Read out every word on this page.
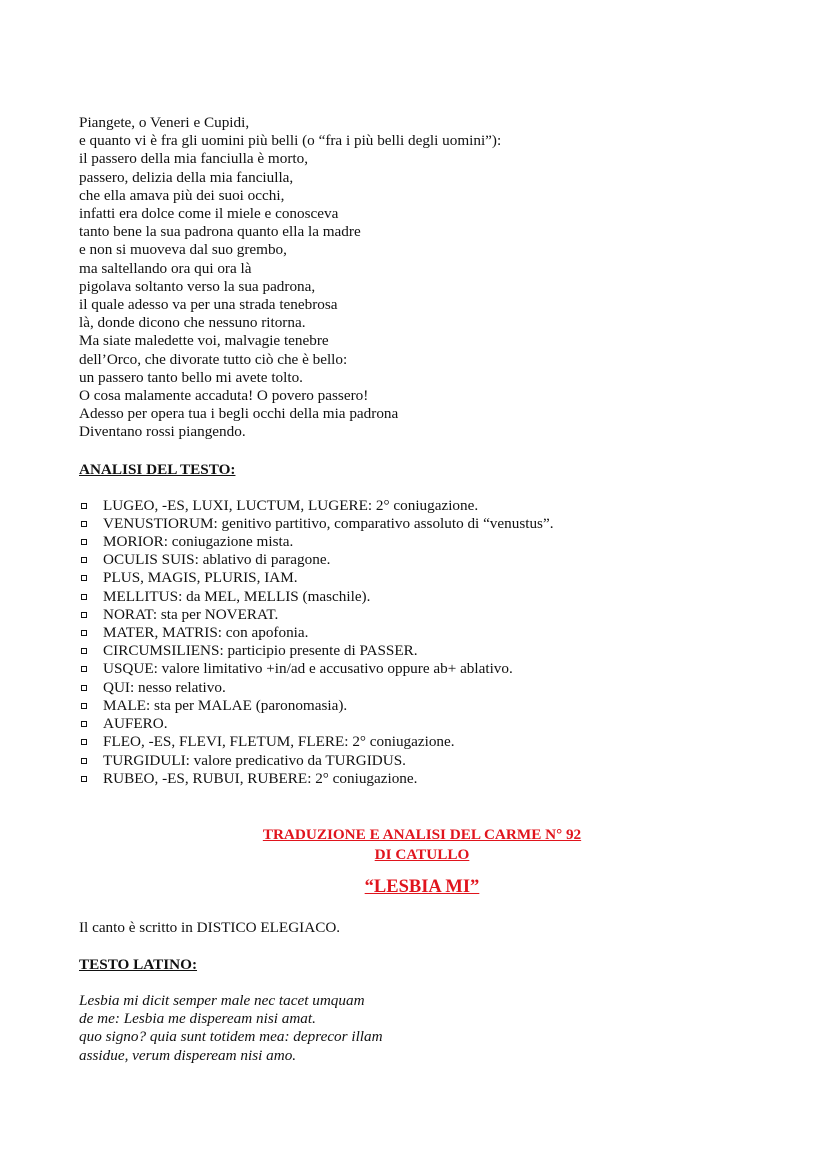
Piangete, o Veneri e Cupidi,
e quanto vi è fra gli uomini più belli (o “fra i più belli degli uomini”):
il passero della mia fanciulla è morto,
passero, delizia della mia fanciulla,
che ella amava più dei suoi occhi,
infatti era dolce come il miele e conosceva
tanto bene la sua padrona quanto ella la madre
e non si muoveva dal suo grembo,
ma saltellando ora qui ora là
pigolava soltanto verso la sua padrona,
il quale adesso va per una strada tenebrosa
là, donde dicono che nessuno ritorna.
Ma siate maledette voi, malvagie tenebre
dell’Orco, che divorate tutto ciò che è bello:
un passero tanto bello mi avete tolto.
O cosa malamente accaduta! O povero passero!
Adesso per opera tua i begli occhi della mia padrona
Diventano rossi piangendo.
ANALISI DEL TESTO:
LUGEO, -ES, LUXI, LUCTUM, LUGERE: 2° coniugazione.
VENUSTIORUM: genitivo partitivo, comparativo assoluto di “venustus”.
MORIOR: coniugazione mista.
OCULIS SUIS: ablativo di paragone.
PLUS, MAGIS, PLURIS, IAM.
MELLITUS: da MEL, MELLIS (maschile).
NORAT: sta per NOVERAT.
MATER, MATRIS: con apofonia.
CIRCUMSILIENS: participio presente di PASSER.
USQUE: valore limitativo +in/ad e accusativo oppure ab+ ablativo.
QUI: nesso relativo.
MALE: sta per MALAE (paronomasia).
AUFERO.
FLEO, -ES, FLEVI, FLETUM, FLERE: 2° coniugazione.
TURGIDULI: valore predicativo da TURGIDUS.
RUBEO, -ES, RUBUI, RUBERE: 2° coniugazione.
TRADUZIONE E ANALISI DEL CARME N° 92
DI CATULLO
“LESBIA MI”
Il canto è scritto in DISTICO ELEGIACO.
TESTO LATINO:
Lesbia mi dicit semper male nec tacet umquam
de me: Lesbia me dispeream nisi amat.
quo signo? quia sunt totidem mea: deprecor illam
assidue, verum dispeream nisi amo.
